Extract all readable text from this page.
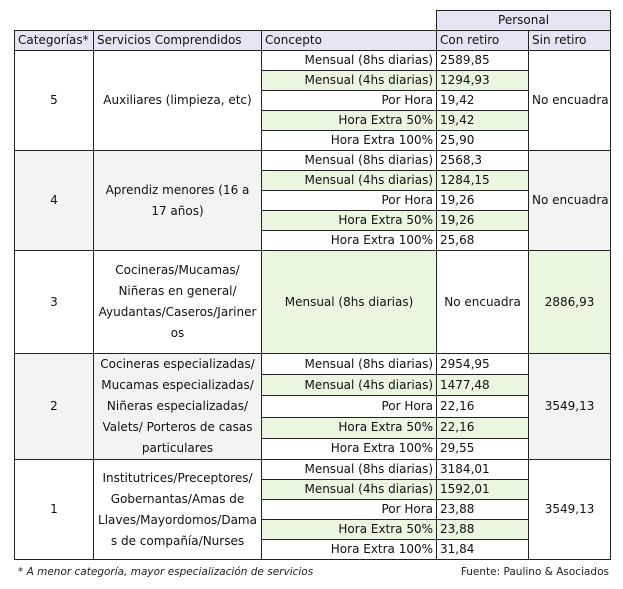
			Personal	
Categorías*	Servicios Comprendidos	Concepto	Con retiro	Sin retiro
5	Auxiliares (limpieza, etc)	Mensual (8hs diarias)	2589,85	No encuadra
		Mensual (4hs diarias)	1294,93	
		Por Hora	19,42	
		Hora Extra 50%	19,42	
		Hora Extra 100%	25,90	
4	Aprendiz menores (16 a 17 años)	Mensual (8hs diarias)	2568,3	No encuadra
		Mensual (4hs diarias)	1284,15	
		Por Hora	19,26	
		Hora Extra 50%	19,26	
		Hora Extra 100%	25,68	
3	Cocineras/Mucamas/ Niñeras en general/ Ayudantas/Caseros/Jariner os	Mensual (8hs diarias)	No encuadra	2886,93
2	Cocineras especializadas/ Mucamas especializadas/ Niñeras especializadas/ Valets/ Porteros de casas particulares	Mensual (8hs diarias)	2954,95	3549,13
		Mensual (4hs diarias)	1477,48	
		Por Hora	22,16	
		Hora Extra 50%	22,16	
		Hora Extra 100%	29,55	
1	Institutrices/Preceptores/ Gobernantas/Amas de Llaves/Mayordomos/Dama s de compañía/Nurses	Mensual (8hs diarias)	3184,01	3549,13
		Mensual (4hs diarias)	1592,01	
		Por Hora	23,88	
		Hora Extra 50%	23,88	
		Hora Extra 100%	31,84	
* A menor categoría, mayor especialización de servicios	Fuente: Paulino & Asociados
